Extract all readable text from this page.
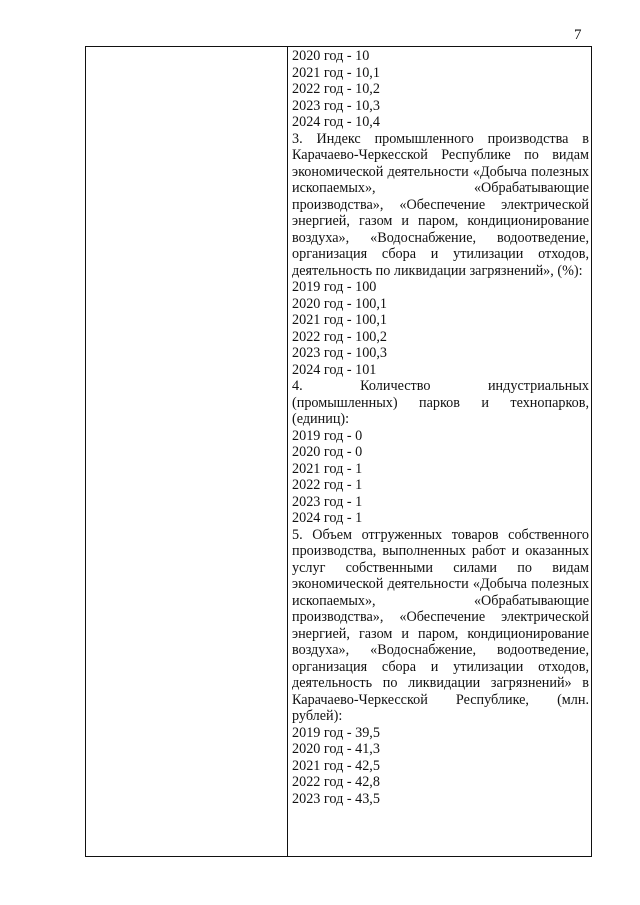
7
2020 год - 10
2021 год - 10,1
2022 год - 10,2
2023 год - 10,3
2024 год - 10,4

3. Индекс промышленного производства в Карачаево-Черкесской Республике по видам экономической деятельности «Добыча полезных ископаемых», «Обрабатывающие производства», «Обеспечение электрической энергией, газом и паром, кондиционирование воздуха», «Водоснабжение, водоотведение, организация сбора и утилизации отходов, деятельность по ликвидации загрязнений», (%):

2019 год - 100
2020 год - 100,1
2021 год - 100,1
2022 год - 100,2
2023 год - 100,3
2024 год - 101

4. Количество индустриальных (промышленных) парков и технопарков, (единиц):

2019 год - 0
2020 год - 0
2021 год - 1
2022 год - 1
2023 год - 1
2024 год - 1

5. Объем отгруженных товаров собственного производства, выполненных работ и оказанных услуг собственными силами по видам экономической деятельности «Добыча полезных ископаемых», «Обрабатывающие производства», «Обеспечение электрической энергией, газом и паром, кондиционирование воздуха», «Водоснабжение, водоотведение, организация сбора и утилизации отходов, деятельность по ликвидации загрязнений» в Карачаево-Черкесской Республике, (млн. рублей):

2019 год - 39,5
2020 год - 41,3
2021 год - 42,5
2022 год - 42,8
2023 год - 43,5
